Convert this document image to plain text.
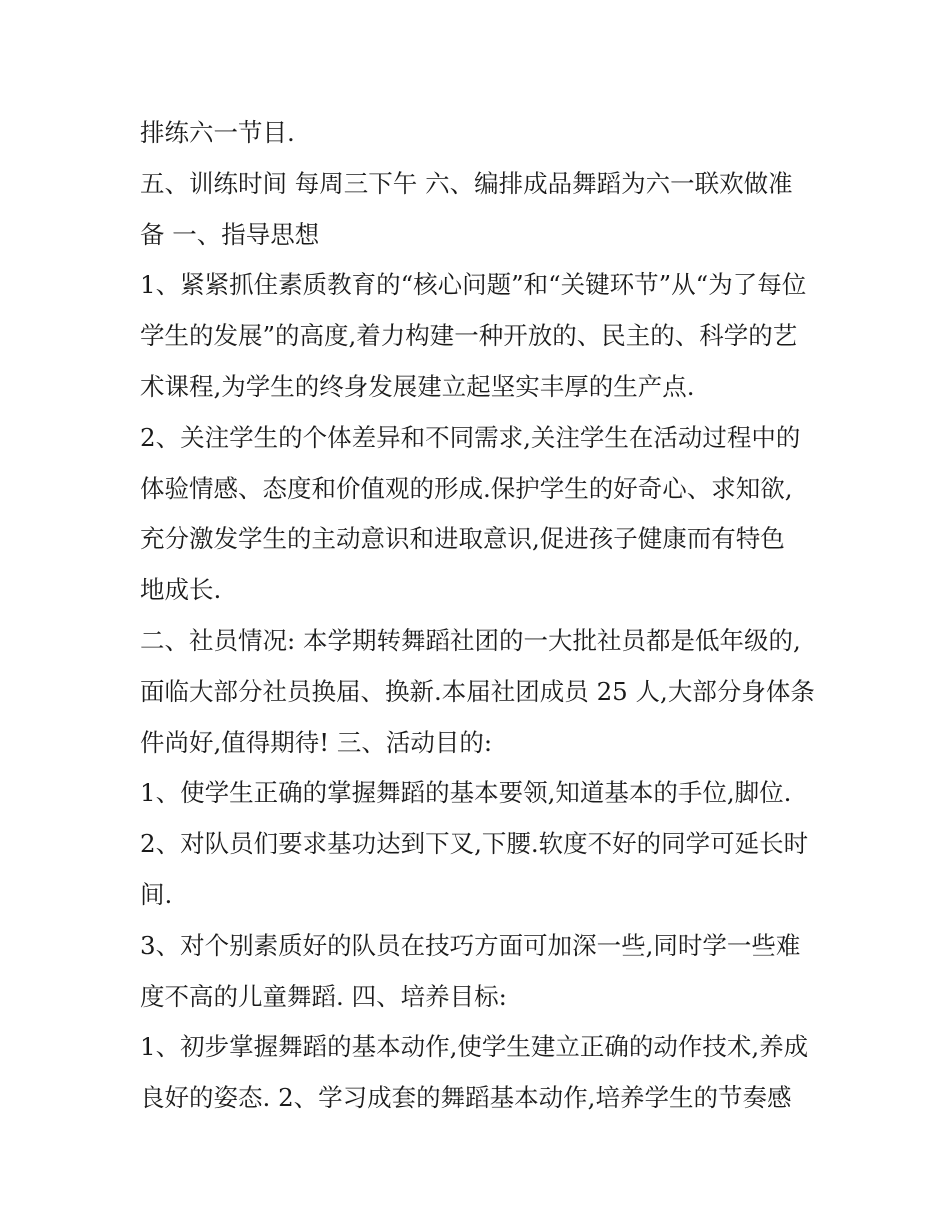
排练六一节目.
五、训练时间 每周三下午 六、编排成品舞蹈为六一联欢做准
备 一、指导思想
1、紧紧抓住素质教育的“核心问题”和“关键环节”从“为了每位
学生的发展”的高度,着力构建一种开放的、民主的、科学的艺
术课程,为学生的终身发展建立起坚实丰厚的生产点.
2、关注学生的个体差异和不同需求,关注学生在活动过程中的
体验情感、态度和价值观的形成.保护学生的好奇心、求知欲,
充分激发学生的主动意识和进取意识,促进孩子健康而有特色
地成长.
二、社员情况: 本学期转舞蹈社团的一大批社员都是低年级的,
面临大部分社员换届、换新.本届社团成员 25 人,大部分身体条
件尚好,值得期待! 三、活动目的:
1、使学生正确的掌握舞蹈的基本要领,知道基本的手位,脚位.
2、对队员们要求基功达到下叉,下腰.软度不好的同学可延长时
间.
3、对个别素质好的队员在技巧方面可加深一些,同时学一些难
度不高的儿童舞蹈. 四、培养目标:
1、初步掌握舞蹈的基本动作,使学生建立正确的动作技术,养成
良好的姿态. 2、学习成套的舞蹈基本动作,培养学生的节奏感
